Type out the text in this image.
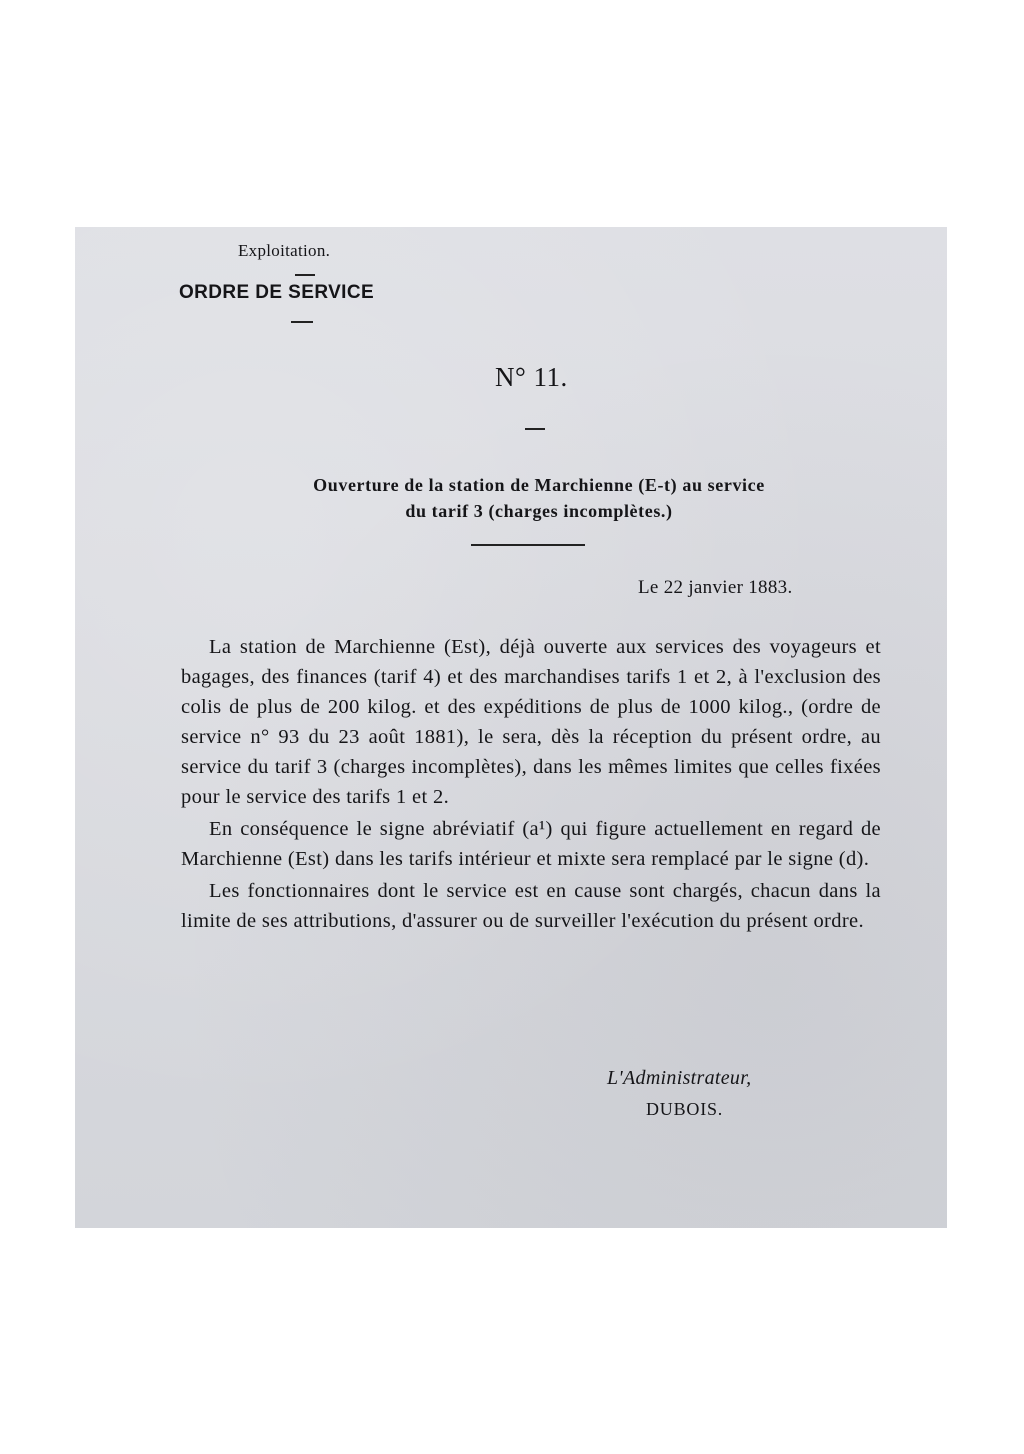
Exploitation.
ORDRE DE SERVICE
N° 11.
Ouverture de la station de Marchienne (E-t) au service
du tarif 3 (charges incomplètes.)
Le 22 janvier 1883.

La station de Marchienne (Est), déjà ouverte aux services des voyageurs et bagages, des finances (tarif 4) et des marchandises tarifs 1 et 2, à l'exclusion des colis de plus de 200 kilog. et des expéditions de plus de 1000 kilog., (ordre de service n° 93 du 23 août 1881), le sera, dès la réception du présent ordre, au service du tarif 3 (charges incomplètes), dans les mêmes limites que celles fixées pour le service des tarifs 1 et 2.

En conséquence le signe abréviatif (a¹) qui figure actuellement en regard de Marchienne (Est) dans les tarifs intérieur et mixte sera remplacé par le signe (d).

Les fonctionnaires dont le service est en cause sont chargés, chacun dans la limite de ses attributions, d'assurer ou de surveiller l'exécution du présent ordre.

L'Administrateur,
DUBOIS.
